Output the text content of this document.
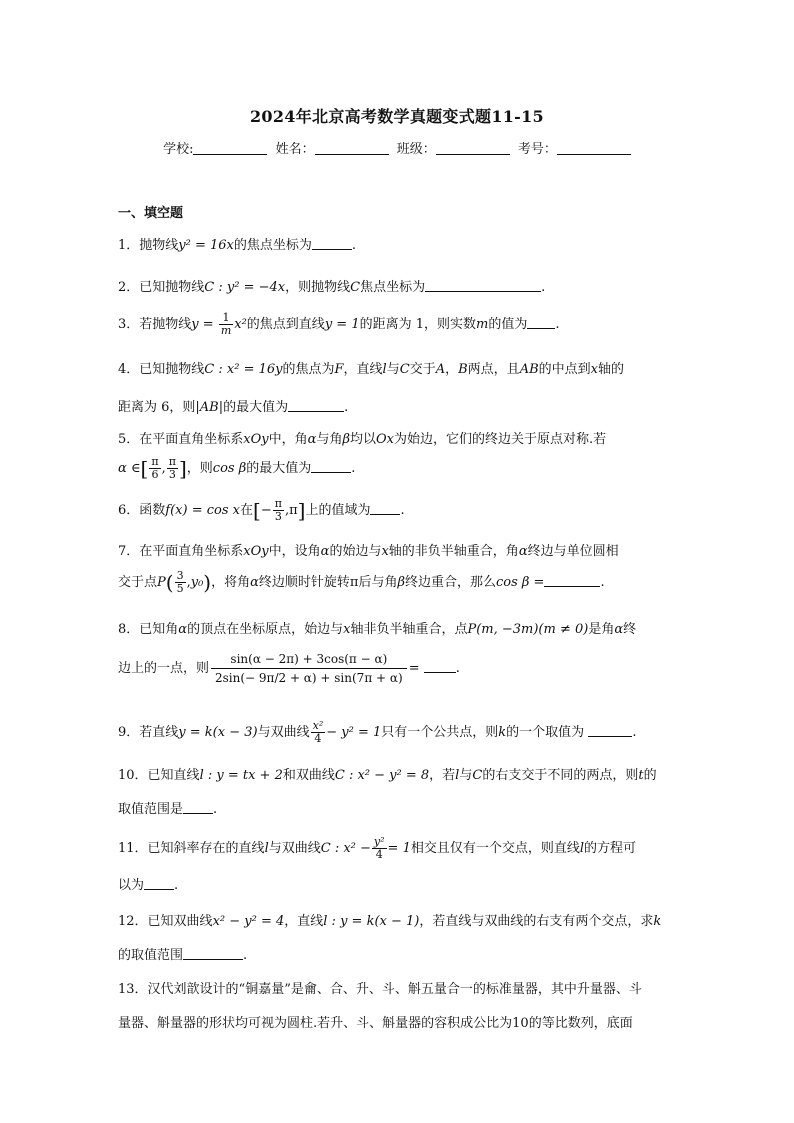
2024年北京高考数学真题变式题11-15
学校:	姓名：	班级：	考号：
一、填空题
1．抛物线y² = 16x的焦点坐标为	.
2．已知抛物线C : y² = −4x，则抛物线C焦点坐标为	.
3．若抛物线$y = \frac{1}{m} x^2$的焦点到直线y = 1的距离为 1，则实数m的值为 .
4．已知抛物线C : x² = 16y的焦点为F，直线l与C交于A，B两点，且AB的中点到x轴的
距离为 6，则|AB|的最大值为	.
5．在平面直角坐标系xOy中，角α与角β均以Ox为始边，它们的终边关于原点对称.若
α ∈[ $\frac{\pi}{6}$ , $\frac{\pi}{3}$ ]，则cos β的最大值为	.
6．函数f(x) = cos x在[− $\frac{\pi}{3} ,\pi$]上的值域为 .
7．在平面直角坐标系xOy中，设角α的始边与x轴的非负半轴重合，角α终边与单位圆相
交于点$P( \frac{3}{5} ,y_0)$，将角α终边顺时针旋转π后与角β终边重合，那么cos β =	.
8．已知角α的顶点在坐标原点，始边与x轴非负半轴重合，点P(m, −3m)(m ≠ 0)是角α终
边上的一点，则 $\frac{\sin(\alpha - 2\pi) + 3\cos(\pi - \alpha)}{2\sin(- 9\pi/2 + \alpha) + \sin(7\pi + \alpha)}$ =	.
9．若直线y = k(x − 3)与双曲线 $\frac{\text{x²}}{4} - y^2 = 1$只有一个公共点，则k的一个取值为	.
10．已知直线l : y = tx + 2和双曲线C : x² − y² = 8，若l与C的右支交于不同的两点，则t的
取值范围是 .
11．已知斜率存在的直线l与双曲线C : $x^2 - \frac{\text{y²}}{4} = 1$相交且仅有一个交点，则直线l的方程可
以为 .
12．已知双曲线x² − y² = 4，直线l : y = k(x − 1)，若直线与双曲线的右支有两个交点，求k
的取值范围	.
13．汉代刘歆设计的“铜嘉量”是龠、合、升、斗、斛五量合一的标准量器，其中升量器、斗
量器、斛量器的形状均可视为圆柱.若升、斗、斛量器的容积成公比为10的等比数列，底面
